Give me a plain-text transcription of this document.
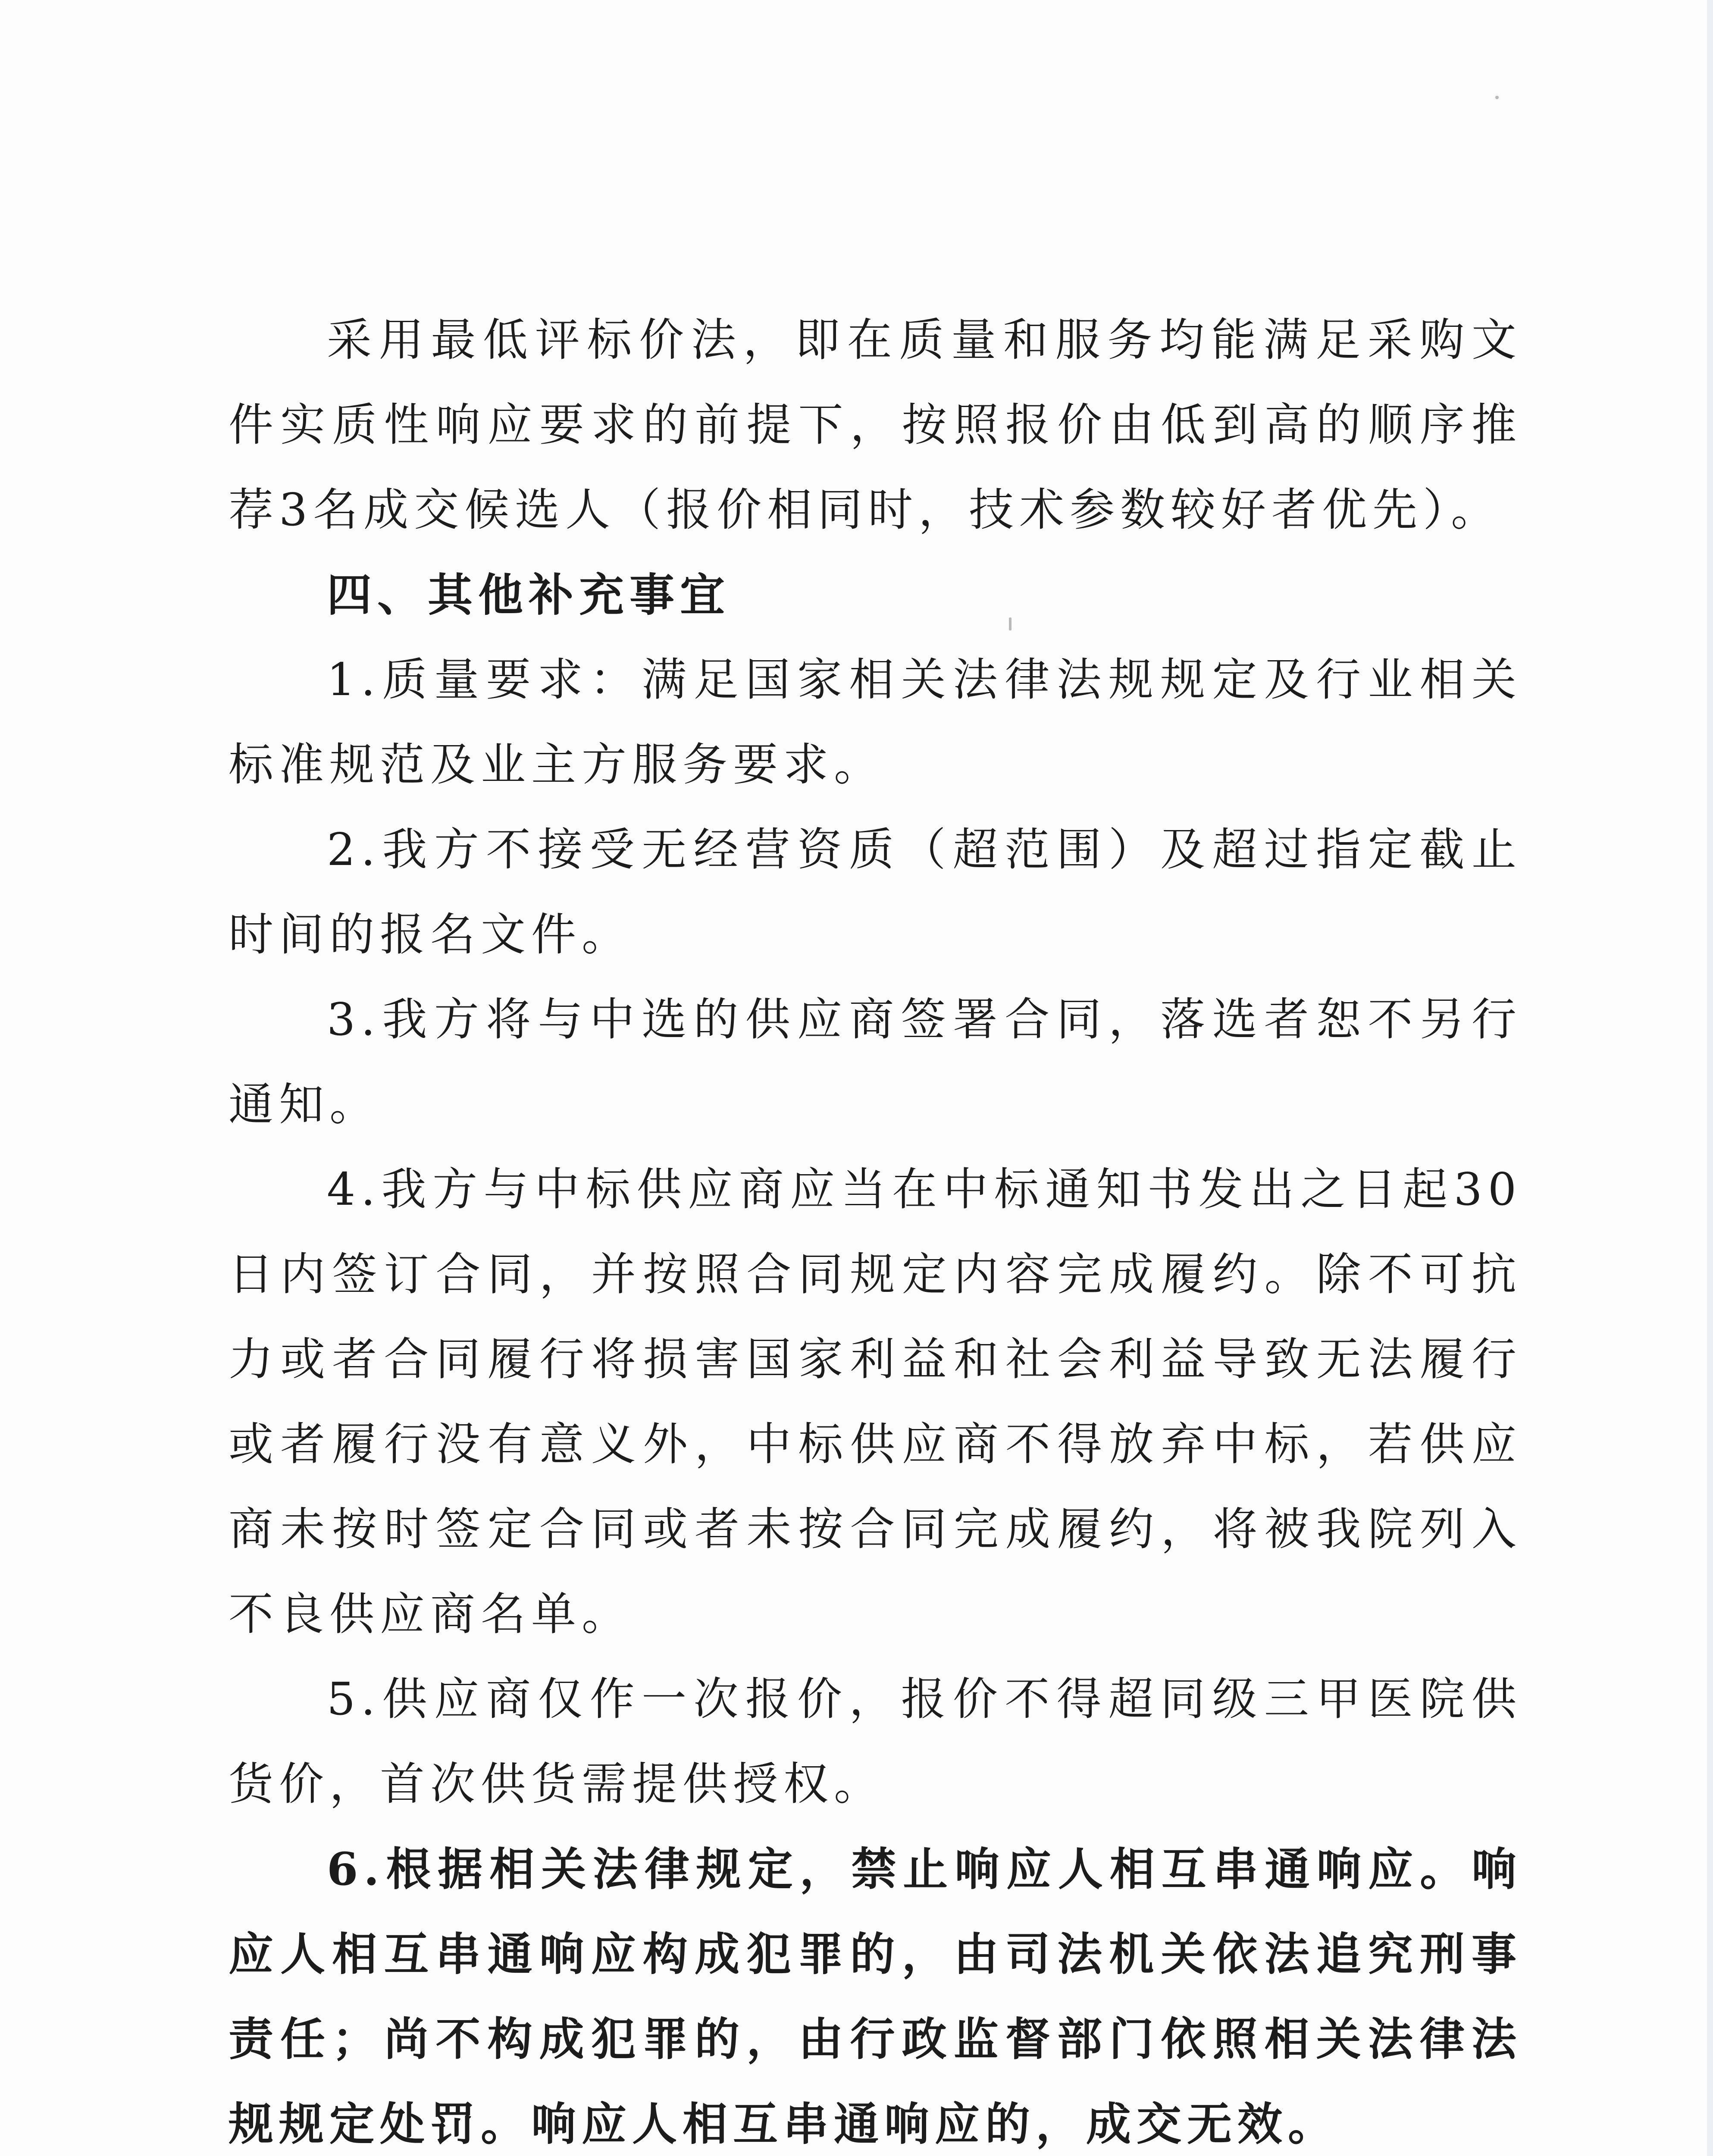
采用最低评标价法，即在质量和服务均能满足采购文件实质性响应要求的前提下，按照报价由低到高的顺序推荐3名成交候选人（报价相同时，技术参数较好者优先）。

四、其他补充事宜

1.质量要求：满足国家相关法律法规规定及行业相关标准规范及业主方服务要求。

2.我方不接受无经营资质（超范围）及超过指定截止时间的报名文件。

3.我方将与中选的供应商签署合同，落选者恕不另行通知。

4.我方与中标供应商应当在中标通知书发出之日起30日内签订合同，并按照合同规定内容完成履约。除不可抗力或者合同履行将损害国家利益和社会利益导致无法履行或者履行没有意义外，中标供应商不得放弃中标，若供应商未按时签定合同或者未按合同完成履约，将被我院列入不良供应商名单。

5.供应商仅作一次报价，报价不得超同级三甲医院供货价，首次供货需提供授权。

6.根据相关法律规定，禁止响应人相互串通响应。响应人相互串通响应构成犯罪的，由司法机关依法追究刑事责任；尚不构成犯罪的，由行政监督部门依照相关法律法规规定处罚。响应人相互串通响应的，成交无效。
